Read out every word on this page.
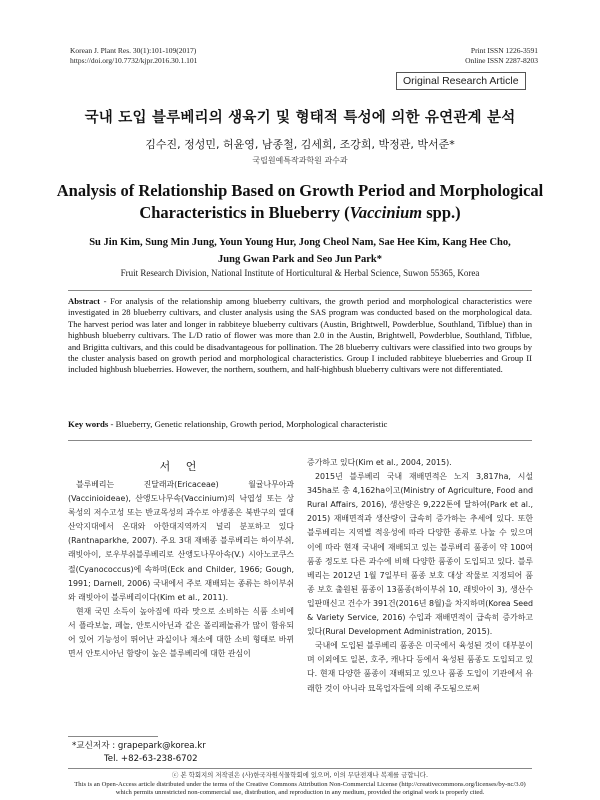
Korean J. Plant Res. 30(1):101-109(2017)
https://doi.org/10.7732/kjpr.2016.30.1.101
Print ISSN 1226-3591
Online ISSN 2287-8203
Original Research Article
국내 도입 블루베리의 생육기 및 형태적 특성에 의한 유연관계 분석
김수진, 정성민, 허윤영, 남종철, 김세희, 조강희, 박정관, 박서준*
국립원예특작과학원 과수과
Analysis of Relationship Based on Growth Period and Morphological
Characteristics in Blueberry (Vaccinium spp.)
Su Jin Kim, Sung Min Jung, Youn Young Hur, Jong Cheol Nam, Sae Hee Kim, Kang Hee Cho,
Jung Gwan Park and Seo Jun Park*
Fruit Research Division, National Institute of Horticultural & Herbal Science, Suwon 55365, Korea
Abstract - For analysis of the relationship among blueberry cultivars, the growth period and morphological characteristics were investigated in 28 blueberry cultivars, and cluster analysis using the SAS program was conducted based on the morphological data. The harvest period was later and longer in rabbiteye blueberry cultivars (Austin, Brightwell, Powderblue, Southland, Tifblue) than in highbush blueberry cultivars. The L/D ratio of flower was more than 2.0 in the Austin, Brightwell, Powderblue, Southland, Tifblue, and Brigitta cultivars, and this could be disadvantageous for pollination. The 28 blueberry cultivars were classified into two groups by the cluster analysis based on growth period and morphological characteristics. Group I included rabbiteye blueberries and Group II included highbush blueberries. However, the northern, southern, and half-highbush blueberry cultivars were not differentiated.
Key words - Blueberry, Genetic relationship, Growth period, Morphological characteristic
서 언

블루베리는 진달래과(Ericaceae) 월귤나무아과(Vaccinioideae), 산앵도나무속(Vaccinium)의 낙엽성 또는 상록성의 저수고성 또는 반교목성의 과수로 야생종은 북반구의 열대 산악지대에서 온대와 아한대지역까지 널리 분포하고 있다(Rantnaparkhe, 2007). 주요 3대 재배종 블루베리는 하이부쉬, 래빗아이, 로우부쉬블루베리로 산앵도나무아속(V.) 시아노코쿠스절(Cyanococcus)에 속하며(Eck and Childer, 1966; Gough, 1991; Darnell, 2006) 국내에서 주로 재배되는 종류는 하이부쉬와 래빗아이 블루베리이다(Kim et al., 2011).

현재 국민 소득이 높아짐에 따라 맛으로 소비하는 식품 소비에서 플라보놀, 페놀, 안토시아닌과 같은 폴리페놀류가 많이 함유되어 있어 기능성이 뛰어난 과실이나 채소에 대한 소비 형태로 바뀌면서 안토시아닌 함량이 높은 블루베리에 대한 관심이

증가하고 있다(Kim et al., 2004, 2015).

2015년 블루베리 국내 재배면적은 노지 3,817ha, 시설 345ha로 총 4,162ha이고(Ministry of Agriculture, Food and Rural Affairs, 2016), 생산량은 9,222톤에 달하여(Park et al., 2015) 재배면적과 생산량이 급속히 증가하는 추세에 있다. 또한 블루베리는 지역별 적응성에 따라 다양한 종류로 나눌 수 있으며 이에 따라 현재 국내에 재배되고 있는 블루베리 품종이 약 100여 품종 정도로 다른 과수에 비해 다양한 품종이 도입되고 있다. 블루베리는 2012년 1월 7일부터 품종 보호 대상 작물로 지정되어 품종 보호 출원된 품종이 13품종(하이부쉬 10, 래빗아이 3), 생산수입판매신고 건수가 391건(2016년 8월)을 차지하며(Korea Seed & Variety Service, 2016) 수입과 재배면적이 급속히 증가하고 있다(Rural Development Administration, 2015).

국내에 도입된 블루베리 품종은 미국에서 육성된 것이 대부분이며 이외에도 일본, 호주, 캐나다 등에서 육성된 품종도 도입되고 있다. 현재 다양한 품종이 재배되고 있으나 품종 도입이 기관에서 유래한 것이 아니라 묘목업자들에 의해 주도됨으로써

*교신저자 : grapepark@korea.kr
Tel. +82-63-238-6702
ⓒ 본 학회지의 저작권은 (사)한국자원식물학회에 있으며, 이의 무단전재나 복제를 금합니다.
This is an Open-Access article distributed under the terms of the Creative Commons Attribution Non-Commercial License (http://creativecommons.org/licenses/by-nc/3.0)
which permits unrestricted non-commercial use, distribution, and reproduction in any medium, provided the original work is properly cited.
